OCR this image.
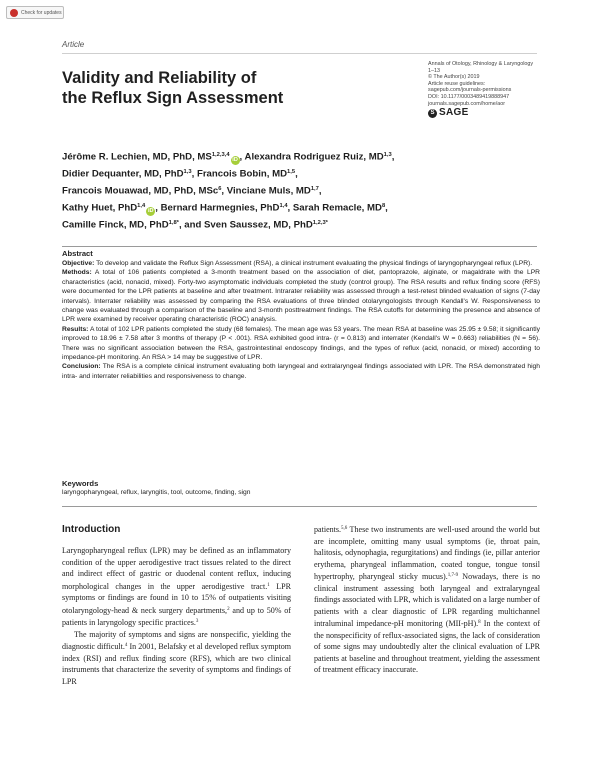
Check for updates
Article
Validity and Reliability of
the Reflux Sign Assessment
Annals of Otology, Rhinology & Laryngology
1–13
© The Author(s) 2019
Article reuse guidelines:
sagepub.com/journals-permissions
DOI: 10.1177/0003489419888947
journals.sagepub.com/home/aor
S SAGE
Jérôme R. Lechien, MD, PhD, MS$^{1,2,3,4}$iD , Alexandra Rodriguez Ruiz, MD$^{1,3}$,
Didier Dequanter, MD, PhD$^{1,3}$, Francois Bobin, MD$^{1,5}$,
Francois Mouawad, MD, PhD, MSc$^6$, Vinciane Muls, MD$^{1,7}$,
Kathy Huet, PhD$^{1,4}$iD , Bernard Harmegnies, PhD$^{1,4}$, Sarah Remacle, $MD^8$,
Camille Finck, MD, PhD$^{1,8*}$, and Sven Saussez, MD, PhD$^{1,2,3*}$

Abstract

Objective: To develop and validate the Reflux Sign Assessment (RSA), a clinical instrument evaluating the physical findings of laryngopharyngeal reflux (LPR).

Methods: A total of 106 patients completed a 3-month treatment based on the association of diet, pantoprazole, alginate, or magaldrate with the LPR characteristics (acid, nonacid, mixed). Forty-two asymptomatic individuals completed the study (control group). The RSA results and reflux finding score (RFS) were documented for the LPR patients at baseline and after treatment. Intrarater reliability was assessed through a test-retest blinded evaluation of signs (7-day intervals). Interrater reliability was assessed by comparing the RSA evaluations of three blinded otolaryngologists through Kendall's W. Responsiveness to change was evaluated through a comparison of the baseline and 3-month posttreatment findings. The RSA cutoffs for determining the presence and absence of LPR were examined by receiver operating characteristic (ROC) analysis.

Results: A total of 102 LPR patients completed the study (68 females). The mean age was 53 years. The mean RSA at baseline was 25.95 ± 9.58; it significantly improved to 18.96 ± 7.58 after 3 months of therapy (P < .001). RSA exhibited good intra- (r = 0.813) and interrater (Kendall's W = 0.663) reliabilities (N = 56). There was no significant association between the RSA, gastrointestinal endoscopy findings, and the types of reflux (acid, nonacid, or mixed) according to impedance-pH monitoring. An RSA > 14 may be suggestive of LPR.

Conclusion: The RSA is a complete clinical instrument evaluating both laryngeal and extralaryngeal findings associated with LPR. The RSA demonstrated high intra- and interrater reliabilities and responsiveness to change.

Keywords
laryngopharyngeal, reflux, laryngitis, tool, outcome, finding, sign
Introduction

Laryngopharyngeal reflux (LPR) may be defined as an inflammatory condition of the upper aerodigestive tract tissues related to the direct and indirect effect of gastric or duodenal content reflux, inducing morphological changes in the upper aerodigestive tract.$^1$ LPR symptoms or findings are found in 10 to 15% of outpatients visiting otolaryngology-head & neck surgery departments,$^2$ and up to 50% of patients in laryngology specific practices.$^3$

The majority of symptoms and signs are nonspecific, yielding the diagnostic difficult.$^4$ In 2001, Belafsky et al developed reflux symptom index (RSI) and reflux finding score (RFS), which are two clinical instruments that characterize the severity of symptoms and findings of LPR

patients.$^{5,6}$ These two instruments are well-used around the world but are incomplete, omitting many usual symptoms (ie, throat pain, halitosis, odynophagia, regurgitations) and findings (ie, pillar anterior erythema, pharyngeal inflammation, coated tongue, tongue tonsil hypertrophy, pharyngeal sticky mucus).$^{1,7-9}$ Nowadays, there is no clinical instrument assessing both laryngeal and extralaryngeal findings associated with LPR, which is validated on a large number of patients with a clear diagnostic of LPR regarding multichannel intraluminal impedance-pH monitoring (MII-pH).$^8$ In the context of the nonspecificity of reflux-associated signs, the lack of consideration of some signs may undoubtedly alter the clinical evaluation of LPR patients at baseline and throughout treatment, yielding the assessment of treatment efficacy inaccurate.
